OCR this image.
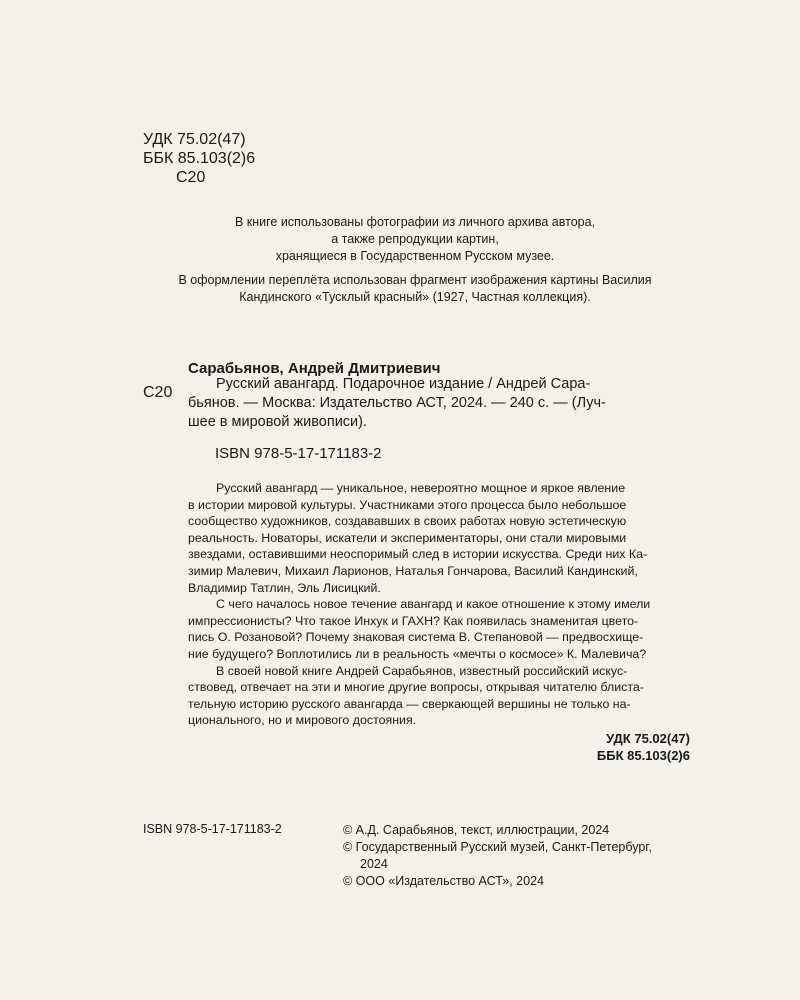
УДК 75.02(47)
ББК 85.103(2)6
С20
В книге использованы фотографии из личного архива автора,
а также репродукции картин,
хранящиеся в Государственном Русском музее.
В оформлении переплёта использован фрагмент изображения картины Василия
Кандинского «Тусклый красный» (1927, Частная коллекция).
Сарабьянов, Андрей Дмитриевич
С20	Русский авангард. Подарочное издание / Андрей Сара-
бьянов. — Москва: Издательство АСТ, 2024. — 240 с. — (Луч-
шее в мировой живописи).
ISBN 978-5-17-171183-2
Русский авангард — уникальное, невероятно мощное и яркое явление
в истории мировой культуры. Участниками этого процесса было небольшое
сообщество художников, создававших в своих работах новую эстетическую
реальность. Новаторы, искатели и экспериментаторы, они стали мировыми
звездами, оставившими неоспоримый след в истории искусства. Среди них Ка-
зимир Малевич, Михаил Ларионов, Наталья Гончарова, Василий Кандинский,
Владимир Татлин, Эль Лисицкий.
С чего началось новое течение авангард и какое отношение к этому имели
импрессионисты? Что такое Инхук и ГАХН? Как появилась знаменитая цвето-
пись О. Розановой? Почему знаковая система В. Степановой — предвосхище-
ние будущего? Воплотились ли в реальность «мечты о космосе» К. Малевича?
В своей новой книге Андрей Сарабьянов, известный российский искус-
ствовед, отвечает на эти и многие другие вопросы, открывая читателю блиста-
тельную историю русского авангарда — сверкающей вершины не только на-
ционального, но и мирового достояния.
УДК 75.02(47)
ББК 85.103(2)6
ISBN 978-5-17-171183-2	© А.Д. Сарабьянов, текст, иллюстрации, 2024
© Государственный Русский музей, Санкт-Петербург,
2024
© ООО «Издательство АСТ», 2024
